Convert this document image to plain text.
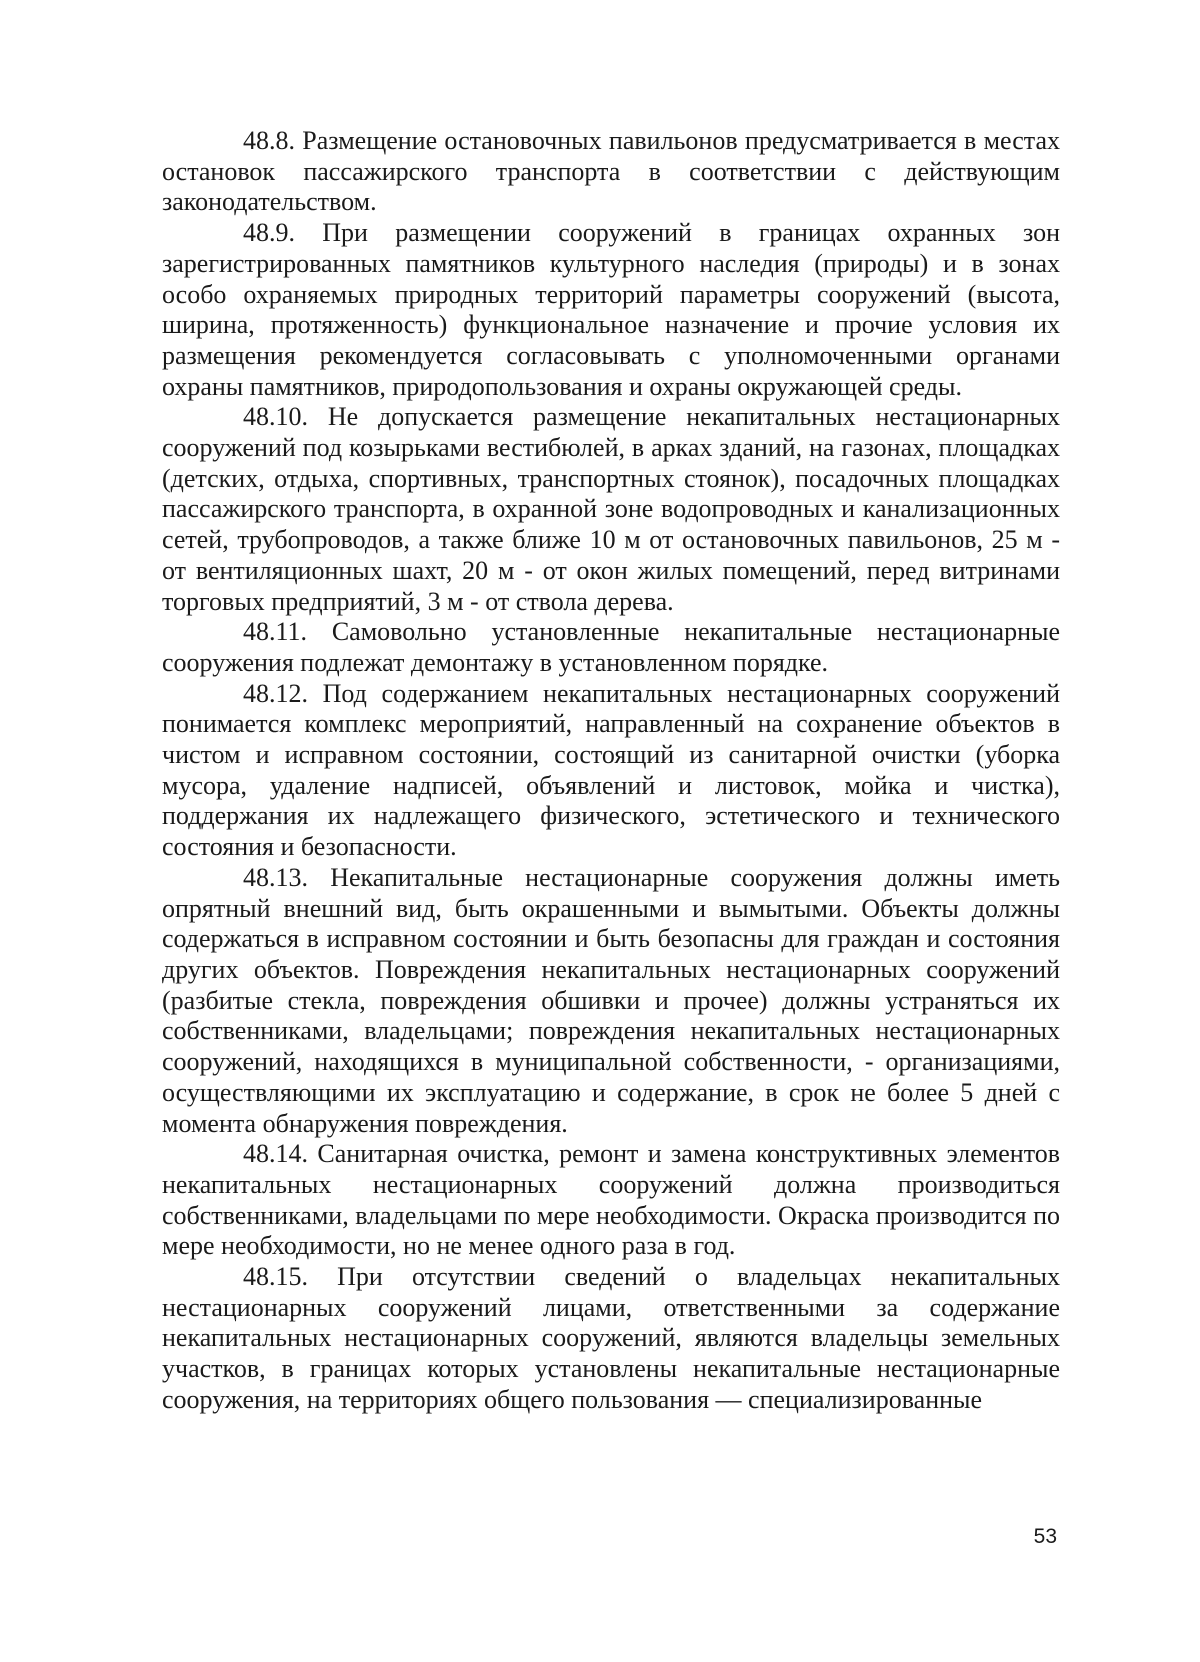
48.8. Размещение остановочных павильонов предусматривается в местах остановок пассажирского транспорта в соответствии с действующим законодательством.

48.9. При размещении сооружений в границах охранных зон зарегистрированных памятников культурного наследия (природы) и в зонах особо охраняемых природных территорий параметры сооружений (высота, ширина, протяженность) функциональное назначение и прочие условия их размещения рекомендуется согласовывать с уполномоченными органами охраны памятников, природопользования и охраны окружающей среды.

48.10. Не допускается размещение некапитальных нестационарных сооружений под козырьками вестибюлей, в арках зданий, на газонах, площадках (детских, отдыха, спортивных, транспортных стоянок), посадочных площадках пассажирского транспорта, в охранной зоне водопроводных и канализационных сетей, трубопроводов, а также ближе 10 м от остановочных павильонов, 25 м - от вентиляционных шахт, 20 м - от окон жилых помещений, перед витринами торговых предприятий, 3 м - от ствола дерева.

48.11. Самовольно установленные некапитальные нестационарные сооружения подлежат демонтажу в установленном порядке.

48.12. Под содержанием некапитальных нестационарных сооружений понимается комплекс мероприятий, направленный на сохранение объектов в чистом и исправном состоянии, состоящий из санитарной очистки (уборка мусора, удаление надписей, объявлений и листовок, мойка и чистка), поддержания их надлежащего физического, эстетического и технического состояния и безопасности.

48.13. Некапитальные нестационарные сооружения должны иметь опрятный внешний вид, быть окрашенными и вымытыми. Объекты должны содержаться в исправном состоянии и быть безопасны для граждан и состояния других объектов. Повреждения некапитальных нестационарных сооружений (разбитые стекла, повреждения обшивки и прочее) должны устраняться их собственниками, владельцами; повреждения некапитальных нестационарных сооружений, находящихся в муниципальной собственности, - организациями, осуществляющими их эксплуатацию и содержание, в срок не более 5 дней с момента обнаружения повреждения.

48.14. Санитарная очистка, ремонт и замена конструктивных элементов некапитальных нестационарных сооружений должна производиться собственниками, владельцами по мере необходимости. Окраска производится по мере необходимости, но не менее одного раза в год.

48.15. При отсутствии сведений о владельцах некапитальных нестационарных сооружений лицами, ответственными за содержание некапитальных нестационарных сооружений, являются владельцы земельных участков, в границах которых установлены некапитальные нестационарные сооружения, на территориях общего пользования — специализированные

53
